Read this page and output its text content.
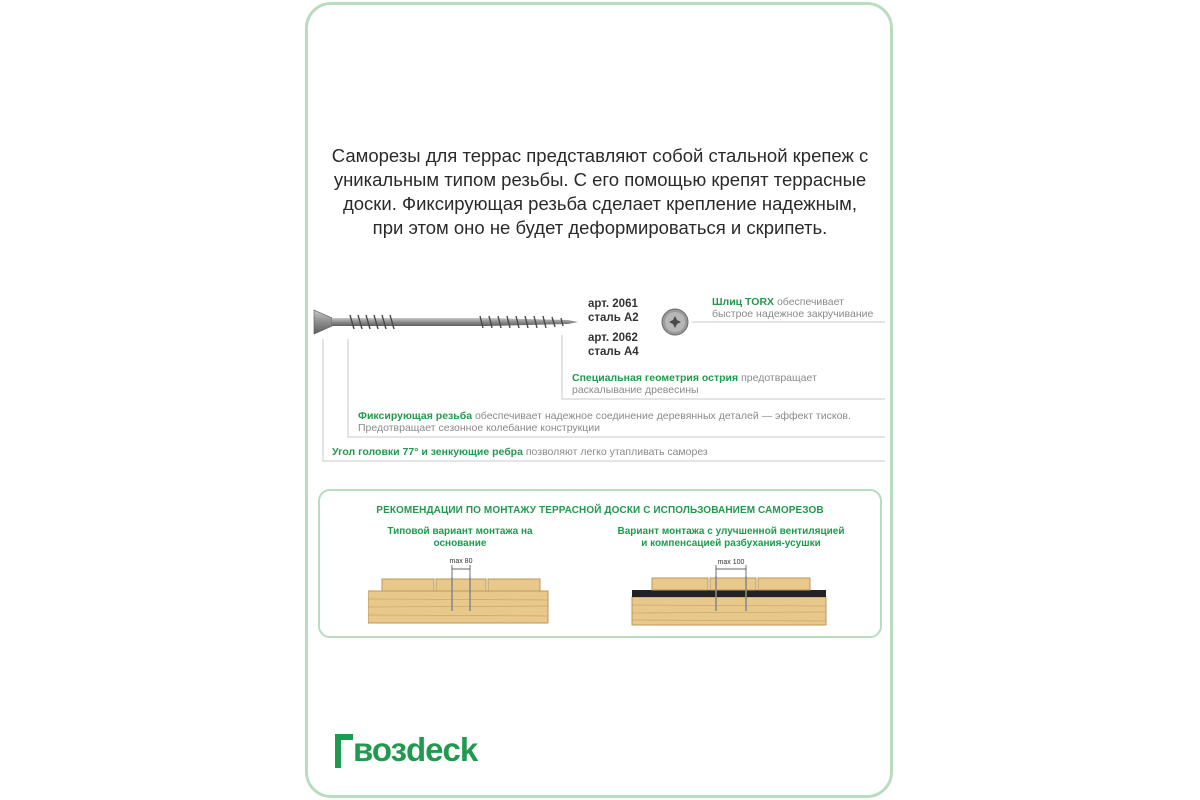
Саморезы для террас представляют собой стальной крепеж с
уникальным типом резьбы. С его помощью крепят террасные
доски. Фиксирующая резьба сделает крепление надежным,
при этом оно не будет деформироваться и скрипеть.
арт. 2061
сталь А2
арт. 2062
сталь А4
Шлиц TORX обеспечивает
быстрое надежное закручивание
Специальная геометрия острия предотвращает
раскалывание древесины
Фиксирующая резьба обеспечивает надежное соединение деревянных деталей — эффект тисков.
Предотвращает сезонное колебание конструкции
Угол головки 77° и зенкующие ребра позволяют легко утапливать саморез
РЕКОМЕНДАЦИИ ПО МОНТАЖУ ТЕРРАСНОЙ ДОСКИ С ИСПОЛЬЗОВАНИЕМ САМОРЕЗОВ
Типовой вариант монтажа на основание
Вариант монтажа с улучшенной вентиляцией
и компенсацией разбухания-усушки
max 80	max 100
возdeck
